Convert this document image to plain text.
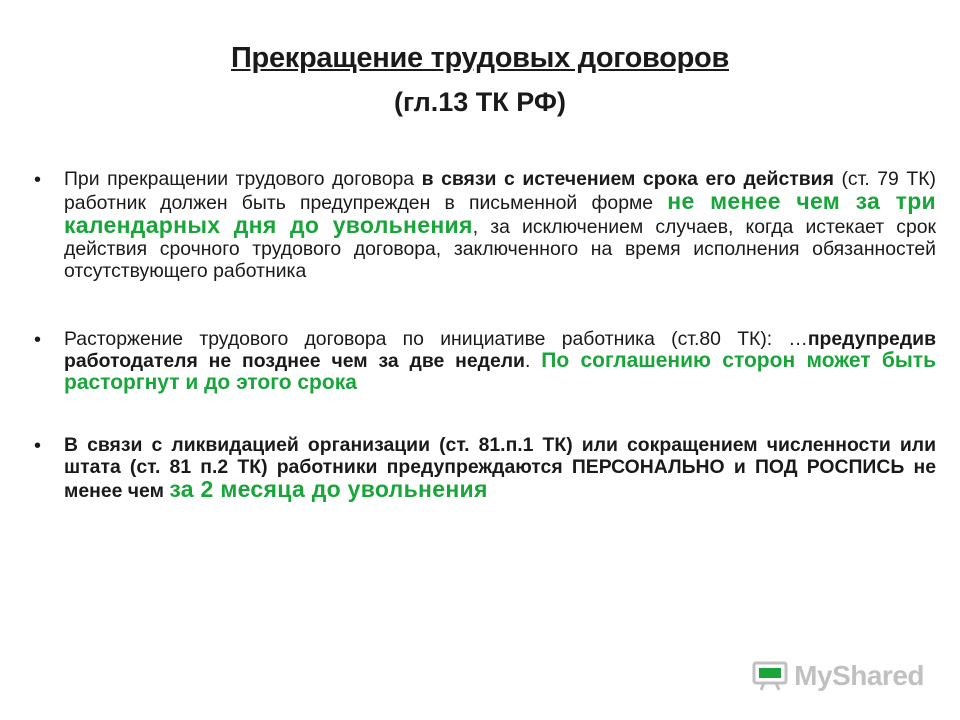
Прекращение трудовых договоров
(гл.13 ТК РФ)
• При прекращении трудового договора в связи с истечением срока его действия (ст. 79 ТК) работник должен быть предупрежден в письменной форме не менее чем за три календарных дня до увольнения, за исключением случаев, когда истекает срок действия срочного трудового договора, заключенного на время исполнения обязанностей отсутствующего работника
• Расторжение трудового договора по инициативе работника (ст.80 ТК): …предупредив работодателя не позднее чем за две недели. По соглашению сторон может быть расторгнут и до этого срока
• В связи с ликвидацией организации (ст. 81.п.1 ТК) или сокращением численности или штата (ст. 81 п.2 ТК) работники предупреждаются ПЕРСОНАЛЬНО и ПОД РОСПИСЬ не менее чем за 2 месяца до увольнения
MyShared
